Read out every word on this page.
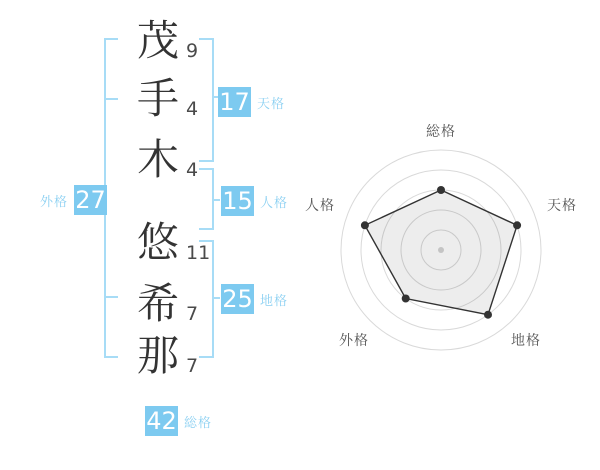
茂 9
手 4
木 4
悠 11
希 7
那 7
17 天格
15 人格
25 地格
外格 27
42 総格
総格
天格
地格
外格
人格
